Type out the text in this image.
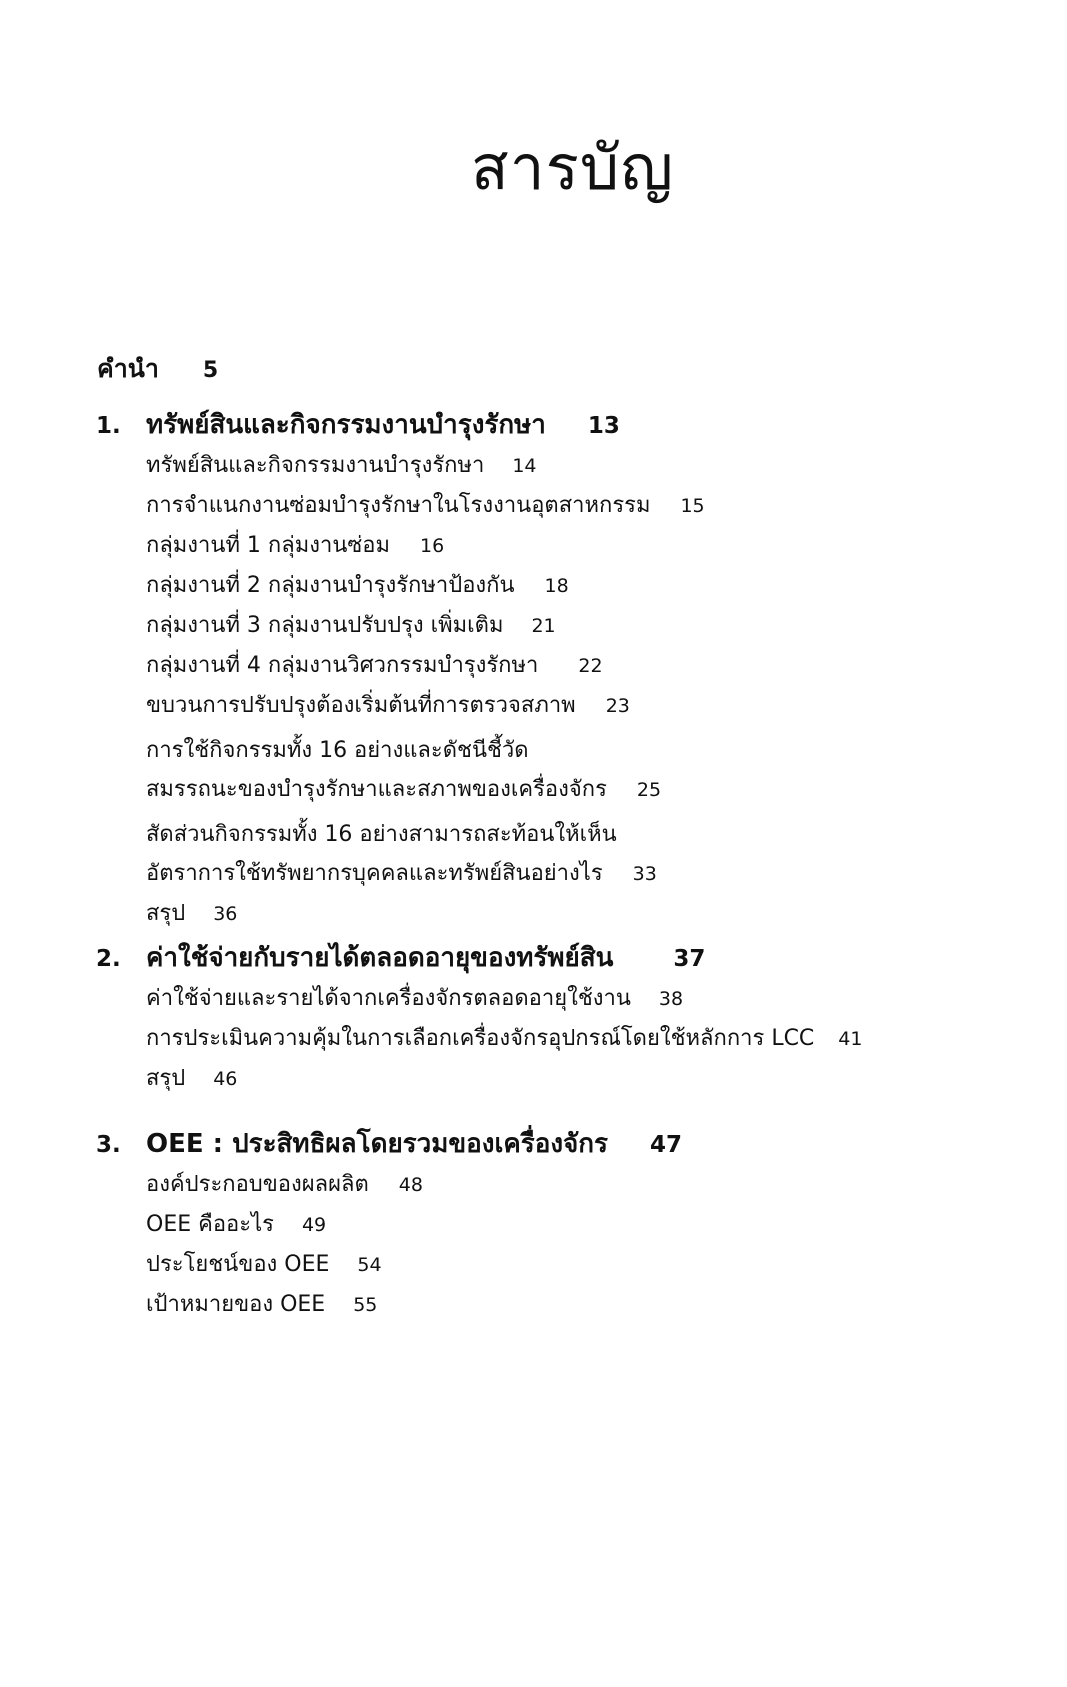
สารบัญ
คำนำ 5
1. ทรัพย์สินและกิจกรรมงานบำรุงรักษา 13
ทรัพย์สินและกิจกรรมงานบำรุงรักษา 14
การจำแนกงานซ่อมบำรุงรักษาในโรงงานอุตสาหกรรม 15
กลุ่มงานที่ 1 กลุ่มงานซ่อม 16
กลุ่มงานที่ 2 กลุ่มงานบำรุงรักษาป้องกัน 18
กลุ่มงานที่ 3 กลุ่มงานปรับปรุง เพิ่มเติม 21
กลุ่มงานที่ 4 กลุ่มงานวิศวกรรมบำรุงรักษา 22
ขบวนการปรับปรุงต้องเริ่มต้นที่การตรวจสภาพ 23
การใช้กิจกรรมทั้ง 16 อย่างและดัชนีชี้วัด
สมรรถนะของบำรุงรักษาและสภาพของเครื่องจักร 25
สัดส่วนกิจกรรมทั้ง 16 อย่างสามารถสะท้อนให้เห็น
อัตราการใช้ทรัพยากรบุคคลและทรัพย์สินอย่างไร 33
สรุป 36
2. ค่าใช้จ่ายกับรายได้ตลอดอายุของทรัพย์สิน	37
ค่าใช้จ่ายและรายได้จากเครื่องจักรตลอดอายุใช้งาน 38
การประเมินความคุ้มในการเลือกเครื่องจักรอุปกรณ์โดยใช้หลักการ LCC 41
สรุป 46
3. OEE : ประสิทธิผลโดยรวมของเครื่องจักร 47
องค์ประกอบของผลผลิต 48
OEE คืออะไร 49
ประโยชน์ของ OEE 54
เป้าหมายของ OEE 55
